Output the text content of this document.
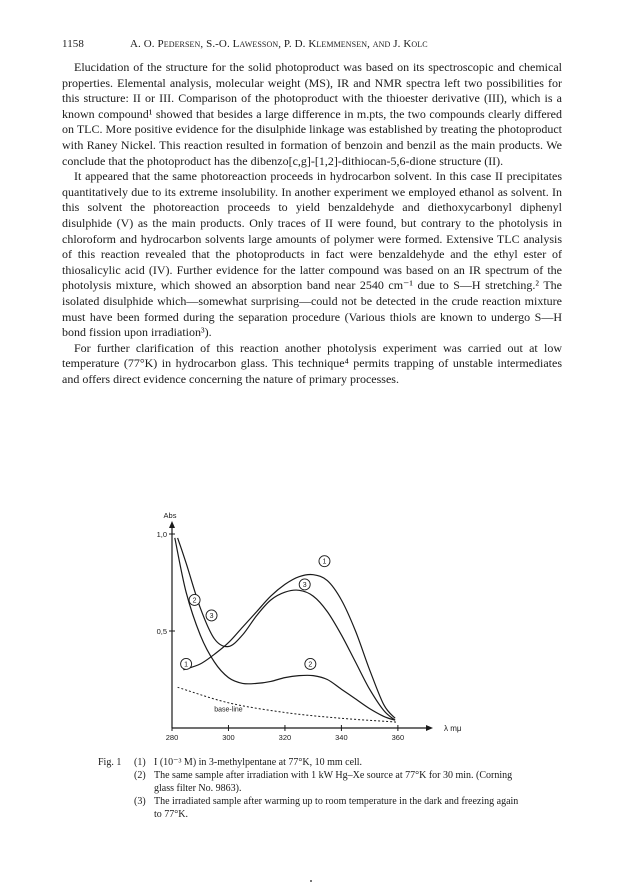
1158	A. O. Pedersen, S.-O. Lawesson, P. D. Klemmensen, and J. Kolc

Elucidation of the structure for the solid photoproduct was based on its spectroscopic and chemical properties. Elemental analysis, molecular weight (MS), IR and NMR spectra left two possibilities for this structure: II or III. Comparison of the photoproduct with the thioester derivative (III), which is a known compound¹ showed that besides a large difference in m.pts, the two compounds clearly differed on TLC. More positive evidence for the disulphide linkage was established by treating the photoproduct with Raney Nickel. This reaction resulted in formation of benzoin and benzil as the main products. We conclude that the photoproduct has the dibenzo[c,g]-[1,2]-dithiocan-5,6-dione structure (II).

It appeared that the same photoreaction proceeds in hydrocarbon solvent. In this case II precipitates quantitatively due to its extreme insolubility. In another experiment we employed ethanol as solvent. In this solvent the photoreaction proceeds to yield benzaldehyde and diethoxycarbonyl diphenyl disulphide (V) as the main products. Only traces of II were found, but contrary to the photolysis in chloroform and hydrocarbon solvents large amounts of polymer were formed. Extensive TLC analysis of this reaction revealed that the photoproducts in fact were benzaldehyde and the ethyl ester of thiosalicylic acid (IV). Further evidence for the latter compound was based on an IR spectrum of the photolysis mixture, which showed an absorption band near 2540 cm⁻¹ due to S—H stretching.² The isolated disulphide which—somewhat surprising—could not be detected in the crude reaction mixture must have been formed during the separation procedure (Various thiols are known to undergo S—H bond fission upon irradiation³).

For further clarification of this reaction another photolysis experiment was carried out at low temperature (77°K) in hydrocarbon glass. This technique⁴ permits trapping of unstable intermediates and offers direct evidence concerning the nature of primary processes.

1,0
0,5
Abs
280	300	320	340	360
λ mμ
base-line
1
2
3
3
1	2
Fig. 1	(1) I (10⁻³ M) in 3-methylpentane at 77°K, 10 mm cell.
(2) The same sample after irradiation with 1 kW Hg–Xe source at 77°K for 30 min. (Corning glass filter No. 9863).
(3) The irradiated sample after warming up to room temperature in the dark and freezing again to 77°K.
